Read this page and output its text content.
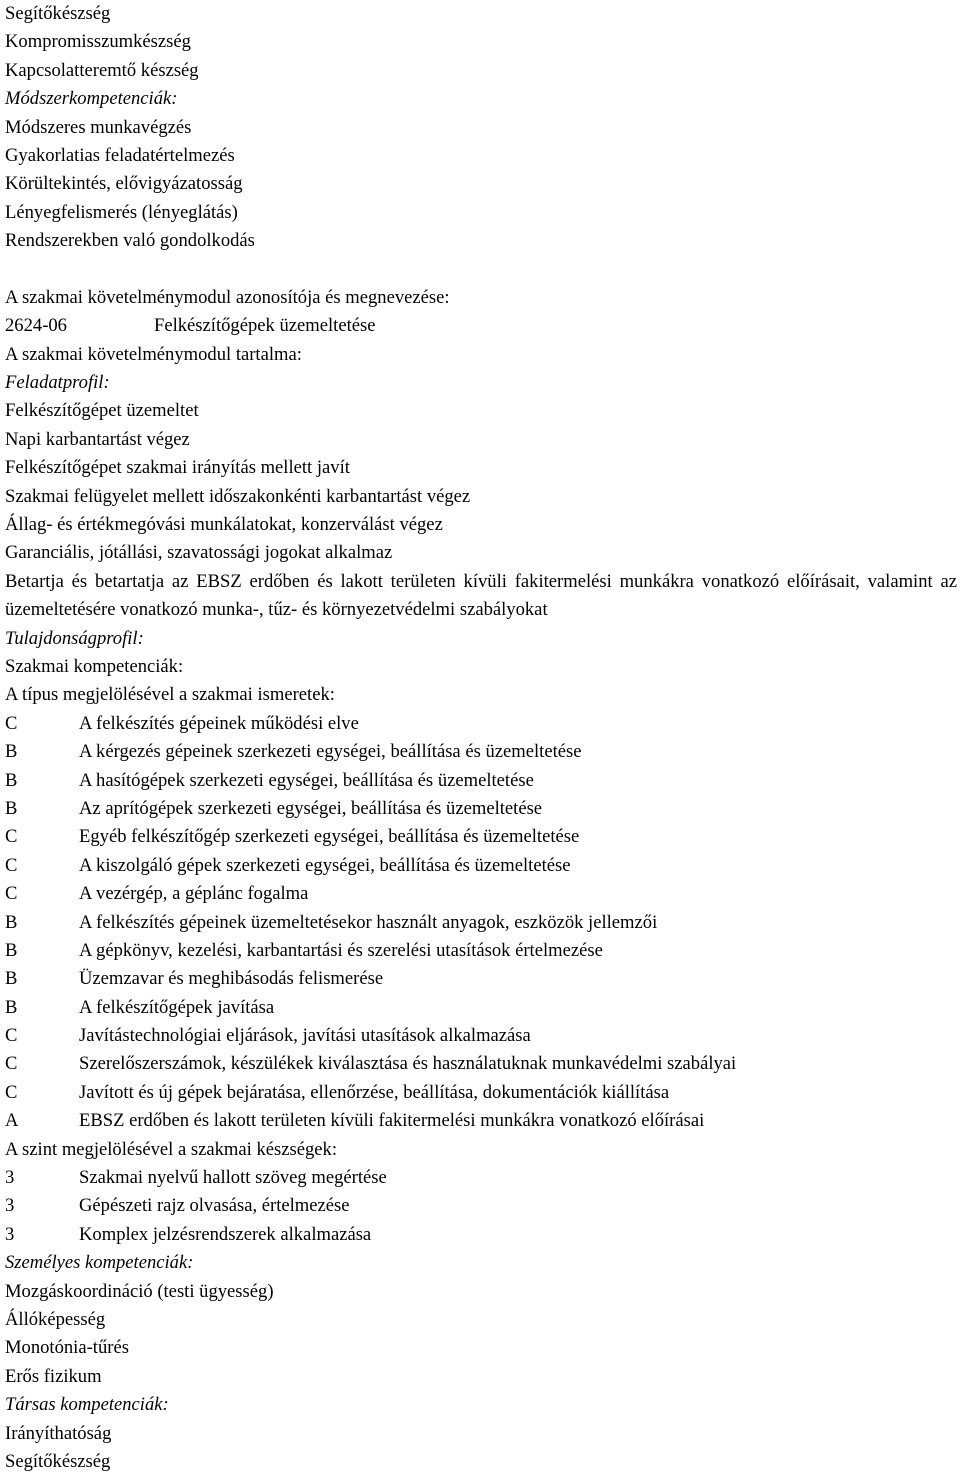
Segítőkészség
Kompromisszumkészség
Kapcsolatteremtő készség
Módszerkompetenciák:
Módszeres munkavégzés
Gyakorlatias feladatértelmezés
Körültekintés, elővigyázatosság
Lényegfelismerés (lényeglátás)
Rendszerekben való gondolkodás
A szakmai követelménymodul azonosítója és megnevezése:
2624-06	Felkészítőgépek üzemeltetése
A szakmai követelménymodul tartalma:
Feladatprofil:
Felkészítőgépet üzemeltet
Napi karbantartást végez
Felkészítőgépet szakmai irányítás mellett javít
Szakmai felügyelet mellett időszakonkénti karbantartást végez
Állag- és értékmegóvási munkálatokat, konzerválást végez
Garanciális, jótállási, szavatossági jogokat alkalmaz
Betartja és betartatja az EBSZ erdőben és lakott területen kívüli fakitermelési munkákra vonatkozó előírásait, valamint az üzemeltetésére vonatkozó munka-, tűz- és környezetvédelmi szabályokat
Tulajdonságprofil:
Szakmai kompetenciák:
A típus megjelölésével a szakmai ismeretek:
C	A felkészítés gépeinek működési elve
B	A kérgezés gépeinek szerkezeti egységei, beállítása és üzemeltetése
B	A hasítógépek szerkezeti egységei, beállítása és üzemeltetése
B	Az aprítógépek szerkezeti egységei, beállítása és üzemeltetése
C	Egyéb felkészítőgép szerkezeti egységei, beállítása és üzemeltetése
C	A kiszolgáló gépek szerkezeti egységei, beállítása és üzemeltetése
C	A vezérgép, a géplánc fogalma
B	A felkészítés gépeinek üzemeltetésekor használt anyagok, eszközök jellemzői
B	A gépkönyv, kezelési, karbantartási és szerelési utasítások értelmezése
B	Üzemzavar és meghibásodás felismerése
B	A felkészítőgépek javítása
C	Javítástechnológiai eljárások, javítási utasítások alkalmazása
C	Szerelőszerszámok, készülékek kiválasztása és használatuknak munkavédelmi szabályai
C	Javított és új gépek bejáratása, ellenőrzése, beállítása, dokumentációk kiállítása
A	EBSZ erdőben és lakott területen kívüli fakitermelési munkákra vonatkozó előírásai
A szint megjelölésével a szakmai készségek:
3	Szakmai nyelvű hallott szöveg megértése
3	Gépészeti rajz olvasása, értelmezése
3	Komplex jelzésrendszerek alkalmazása
Személyes kompetenciák:
Mozgáskoordináció (testi ügyesség)
Állóképesség
Monotónia-tűrés
Erős fizikum
Társas kompetenciák:
Irányíthatóság
Segítőkészség
